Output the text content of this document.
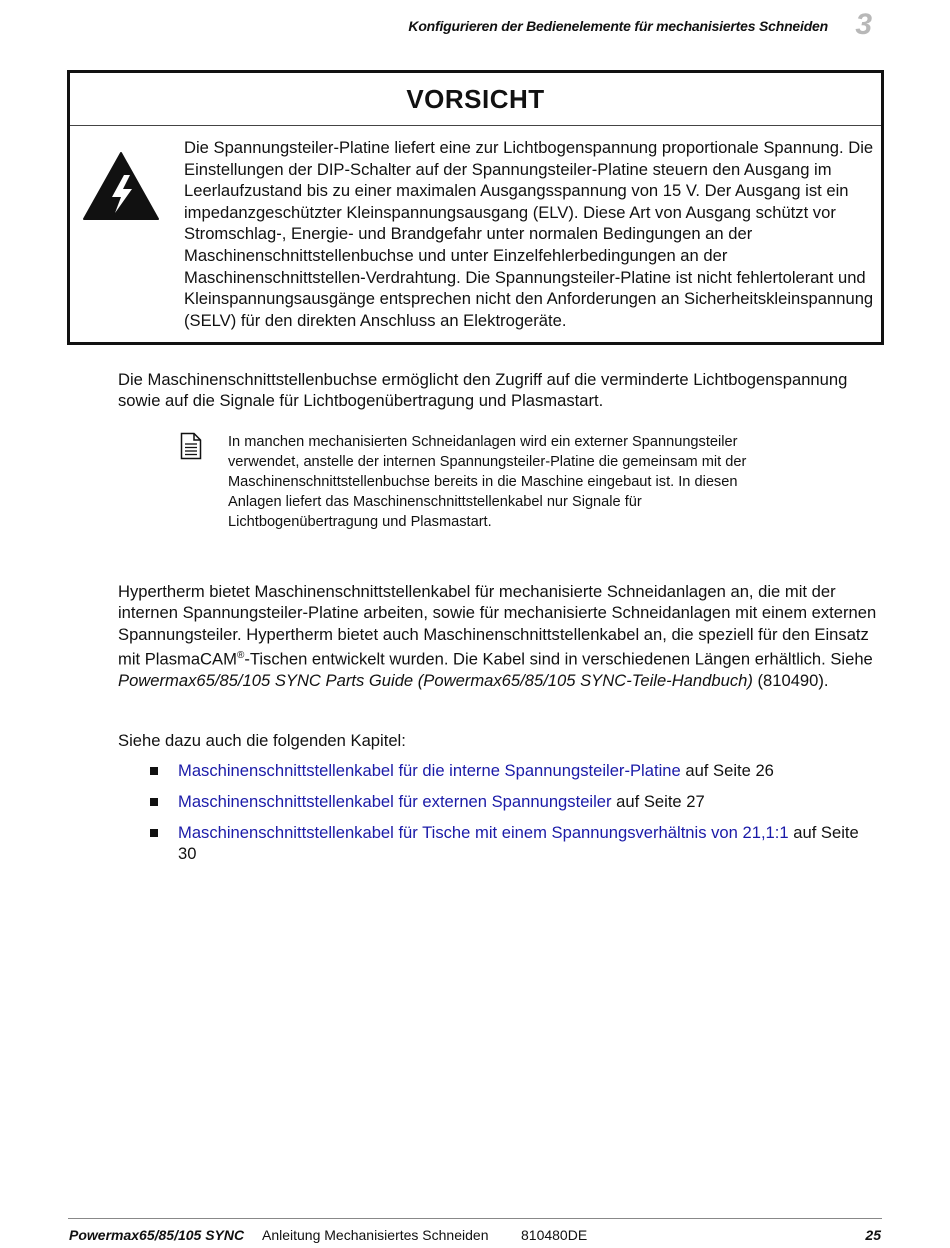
Konfigurieren der Bedienelemente für mechanisiertes Schneiden 3
VORSICHT
Die Spannungsteiler-Platine liefert eine zur Lichtbogenspannung proportionale Spannung. Die Einstellungen der DIP-Schalter auf der Spannungsteiler-Platine steuern den Ausgang im Leerlaufzustand bis zu einer maximalen Ausgangsspannung von 15 V. Der Ausgang ist ein impedanzgeschützter Kleinspannungsausgang (ELV). Diese Art von Ausgang schützt vor Stromschlag-, Energie- und Brandgefahr unter normalen Bedingungen an der Maschinenschnittstellenbuchse und unter Einzelfehlerbedingungen an der Maschinenschnittstellen-Verdrahtung. Die Spannungsteiler-Platine ist nicht fehlertolerant und Kleinspannungsausgänge entsprechen nicht den Anforderungen an Sicherheitskleinspannung (SELV) für den direkten Anschluss an Elektrogeräte.
Die Maschinenschnittstellenbuchse ermöglicht den Zugriff auf die verminderte Lichtbogenspannung sowie auf die Signale für Lichtbogenübertragung und Plasmastart.
In manchen mechanisierten Schneidanlagen wird ein externer Spannungsteiler verwendet, anstelle der internen Spannungsteiler-Platine die gemeinsam mit der Maschinenschnittstellenbuchse bereits in die Maschine eingebaut ist. In diesen Anlagen liefert das Maschinenschnittstellenkabel nur Signale für Lichtbogenübertragung und Plasmastart.
Hypertherm bietet Maschinenschnittstellenkabel für mechanisierte Schneidanlagen an, die mit der internen Spannungsteiler-Platine arbeiten, sowie für mechanisierte Schneidanlagen mit einem externen Spannungsteiler. Hypertherm bietet auch Maschinenschnittstellenkabel an, die speziell für den Einsatz mit PlasmaCAM®-Tischen entwickelt wurden. Die Kabel sind in verschiedenen Längen erhältlich. Siehe Powermax65/85/105 SYNC Parts Guide (Powermax65/85/105 SYNC-Teile-Handbuch) (810490).
Siehe dazu auch die folgenden Kapitel:
Maschinenschnittstellenkabel für die interne Spannungsteiler-Platine auf Seite 26
Maschinenschnittstellenkabel für externen Spannungsteiler auf Seite 27
Maschinenschnittstellenkabel für Tische mit einem Spannungsverhältnis von 21,1:1 auf Seite 30
Powermax65/85/105 SYNC Anleitung Mechanisiertes Schneiden 810480DE	25
